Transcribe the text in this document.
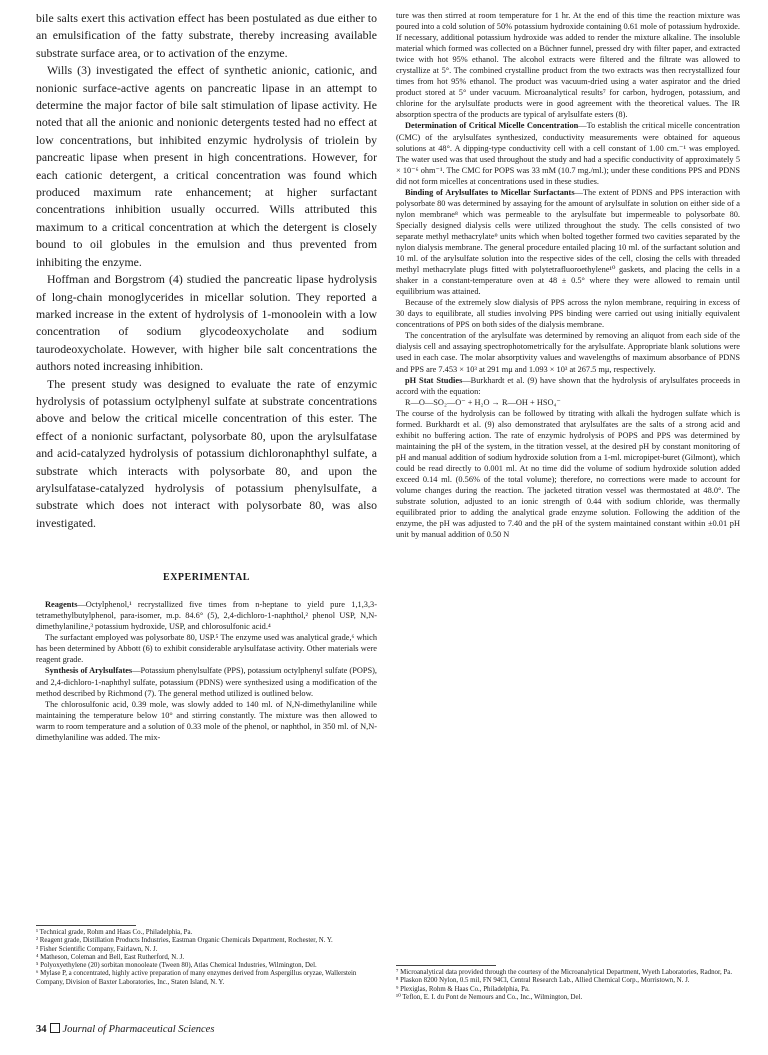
bile salts exert this activation effect has been postulated as due either to an emulsification of the fatty substrate, thereby increasing available substrate surface area, or to activation of the enzyme.

Wills (3) investigated the effect of synthetic anionic, cationic, and nonionic surface-active agents on pancreatic lipase in an attempt to determine the major factor of bile salt stimulation of lipase activity. He noted that all the anionic and nonionic detergents tested had no effect at low concentrations, but inhibited enzymic hydrolysis of triolein by pancreatic lipase when present in high concentrations. However, for each cationic detergent, a critical concentration was found which produced maximum rate enhancement; at higher surfactant concentrations inhibition usually occurred. Wills attributed this maximum to a critical concentration at which the detergent is closely bound to oil globules in the emulsion and thus prevented from inhibiting the enzyme.

Hoffman and Borgstrom (4) studied the pancreatic lipase hydrolysis of long-chain monoglycerides in micellar solution. They reported a marked increase in the extent of hydrolysis of 1-monoolein with a low concentration of sodium glycodeoxycholate and sodium taurodeoxycholate. However, with higher bile salt concentrations the authors noted increasing inhibition.

The present study was designed to evaluate the rate of enzymic hydrolysis of potassium octylphenyl sulfate at substrate concentrations above and below the critical micelle concentration of this ester. The effect of a nonionic surfactant, polysorbate 80, upon the arylsulfatase and acid-catalyzed hydrolysis of potassium dichloronaphthyl sulfate, a substrate which interacts with polysorbate 80, and upon the arylsulfatase-catalyzed hydrolysis of potassium phenylsulfate, a substrate which does not interact with polysorbate 80, was also investigated.

EXPERIMENTAL

Reagents—Octylphenol,¹ recrystallized five times from n-heptane to yield pure 1,1,3,3-tetramethylbutylphenol, para-isomer, m.p. 84.6° (5), 2,4-dichloro-1-naphthol,² phenol USP, N,N-dimethylaniline,³ potassium hydroxide, USP, and chlorosulfonic acid.⁴

The surfactant employed was polysorbate 80, USP.⁵ The enzyme used was analytical grade,⁶ which has been determined by Abbott (6) to exhibit considerable arylsulfatase activity. Other materials were reagent grade.

Synthesis of Arylsulfates—Potassium phenylsulfate (PPS), potassium octylphenyl sulfate (POPS), and 2,4-dichloro-1-naphthyl sulfate, potassium (PDNS) were synthesized using a modification of the method described by Richmond (7). The general method utilized is outlined below.

The chlorosulfonic acid, 0.39 mole, was slowly added to 140 ml. of N,N-dimethylaniline while maintaining the temperature below 10° and stirring constantly. The mixture was then allowed to warm to room temperature and a solution of 0.33 mole of the phenol, or naphthol, in 350 ml. of N,N-dimethylaniline was added. The mix-

¹ Technical grade, Rohm and Haas Co., Philadelphia, Pa.

² Reagent grade, Distillation Products Industries, Eastman Organic Chemicals Department, Rochester, N. Y.

³ Fisher Scientific Company, Fairlawn, N. J.

⁴ Matheson, Coleman and Bell, East Rutherford, N. J.

⁵ Polyoxyethylene (20) sorbitan monooleate (Tween 80), Atlas Chemical Industries, Wilmington, Del.

⁶ Mylase P, a concentrated, highly active preparation of many enzymes derived from Aspergillus oryzae, Wallerstein Company, Division of Baxter Laboratories, Inc., Staten Island, N. Y.

ture was then stirred at room temperature for 1 hr. At the end of this time the reaction mixture was poured into a cold solution of 50% potassium hydroxide containing 0.61 mole of potassium hydroxide. If necessary, additional potassium hydroxide was added to render the mixture alkaline. The insoluble material which formed was collected on a Büchner funnel, pressed dry with filter paper, and extracted twice with hot 95% ethanol. The alcohol extracts were filtered and the filtrate was allowed to crystallize at 5°. The combined crystalline product from the two extracts was then recrystallized four times from hot 95% ethanol. The product was vacuum-dried using a water aspirator and the dried product stored at 5° under vacuum. Microanalytical results⁷ for carbon, hydrogen, potassium, and chlorine for the arylsulfate products were in good agreement with the theoretical values. The IR absorption spectra of the products are typical of arylsulfate esters (8).

Determination of Critical Micelle Concentration—To establish the critical micelle concentration (CMC) of the arylsulfates synthesized, conductivity measurements were obtained for aqueous solutions at 48°. A dipping-type conductivity cell with a cell constant of 1.00 cm.⁻¹ was employed. The water used was that used throughout the study and had a specific conductivity of approximately 5 × 10⁻⁶ ohm⁻¹. The CMC for POPS was 33 mM (10.7 mg./ml.); under these conditions PPS and PDNS did not form micelles at concentrations used in these studies.

Binding of Arylsulfates to Micellar Surfactants—The extent of PDNS and PPS interaction with polysorbate 80 was determined by assaying for the amount of arylsulfate in solution on either side of a nylon membrane⁸ which was permeable to the arylsulfate but impermeable to polysorbate 80. Specially designed dialysis cells were utilized throughout the study. The cells consisted of two separate methyl methacrylate⁹ units which when bolted together formed two cavities separated by the nylon dialysis membrane. The general procedure entailed placing 10 ml. of the surfactant solution and 10 ml. of the arylsulfate solution into the respective sides of the cell, closing the cells with threaded methyl methacrylate plugs fitted with polytetrafluoroethylene¹⁰ gaskets, and placing the cells in a shaker in a constant-temperature oven at 48 ± 0.5° where they were allowed to remain until equilibrium was attained.

Because of the extremely slow dialysis of PPS across the nylon membrane, requiring in excess of 30 days to equilibrate, all studies involving PPS binding were carried out using initially equivalent concentrations of PPS on both sides of the dialysis membrane.

The concentration of the arylsulfate was determined by removing an aliquot from each side of the dialysis cell and assaying spectrophotometrically for the arylsulfate. Appropriate blank solutions were used in each case. The molar absorptivity values and wavelengths of maximum absorbance of PDNS and PPS are 7.453 × 10³ at 291 mμ and 1.093 × 10³ at 267.5 mμ, respectively.

pH Stat Studies—Burkhardt et al. (9) have shown that the hydrolysis of arylsulfates proceeds in accord with the equation:

R—O—SO₂—O⁻ + H₂O → R—OH + HSO₄⁻

The course of the hydrolysis can be followed by titrating with alkali the hydrogen sulfate which is formed. Burkhardt et al. (9) also demonstrated that arylsulfates are the salts of a strong acid and exhibit no buffering action. The rate of enzymic hydrolysis of POPS and PPS was determined by maintaining the pH of the system, in the titration vessel, at the desired pH by constant monitoring of pH and manual addition of sodium hydroxide solution from a 1-ml. micropipet-buret (Gilmont), which could be read directly to 0.001 ml. At no time did the volume of sodium hydroxide solution added exceed 0.14 ml. (0.56% of the total volume); therefore, no corrections were made to account for volume changes during the reaction. The jacketed titration vessel was thermostated at 48.0°. The substrate solution, adjusted to an ionic strength of 0.44 with sodium chloride, was thermally equilibrated prior to adding the analytical grade enzyme solution. Following the addition of the enzyme, the pH was adjusted to 7.40 and the pH of the system maintained constant within ±0.01 pH unit by manual addition of 0.50 N

⁷ Microanalytical data provided through the courtesy of the Microanalytical Department, Wyeth Laboratories, Radnor, Pa.

⁸ Plaskon 8200 Nylon, 0.5 mil, FN 94Cl, Central Research Lab., Allied Chemical Corp., Morristown, N. J.

⁹ Plexiglas, Rohm & Haas Co., Philadelphia, Pa.

¹⁰ Teflon, E. I. du Pont de Nemours and Co., Inc., Wilmington, Del.

34 Journal of Pharmaceutical Sciences
